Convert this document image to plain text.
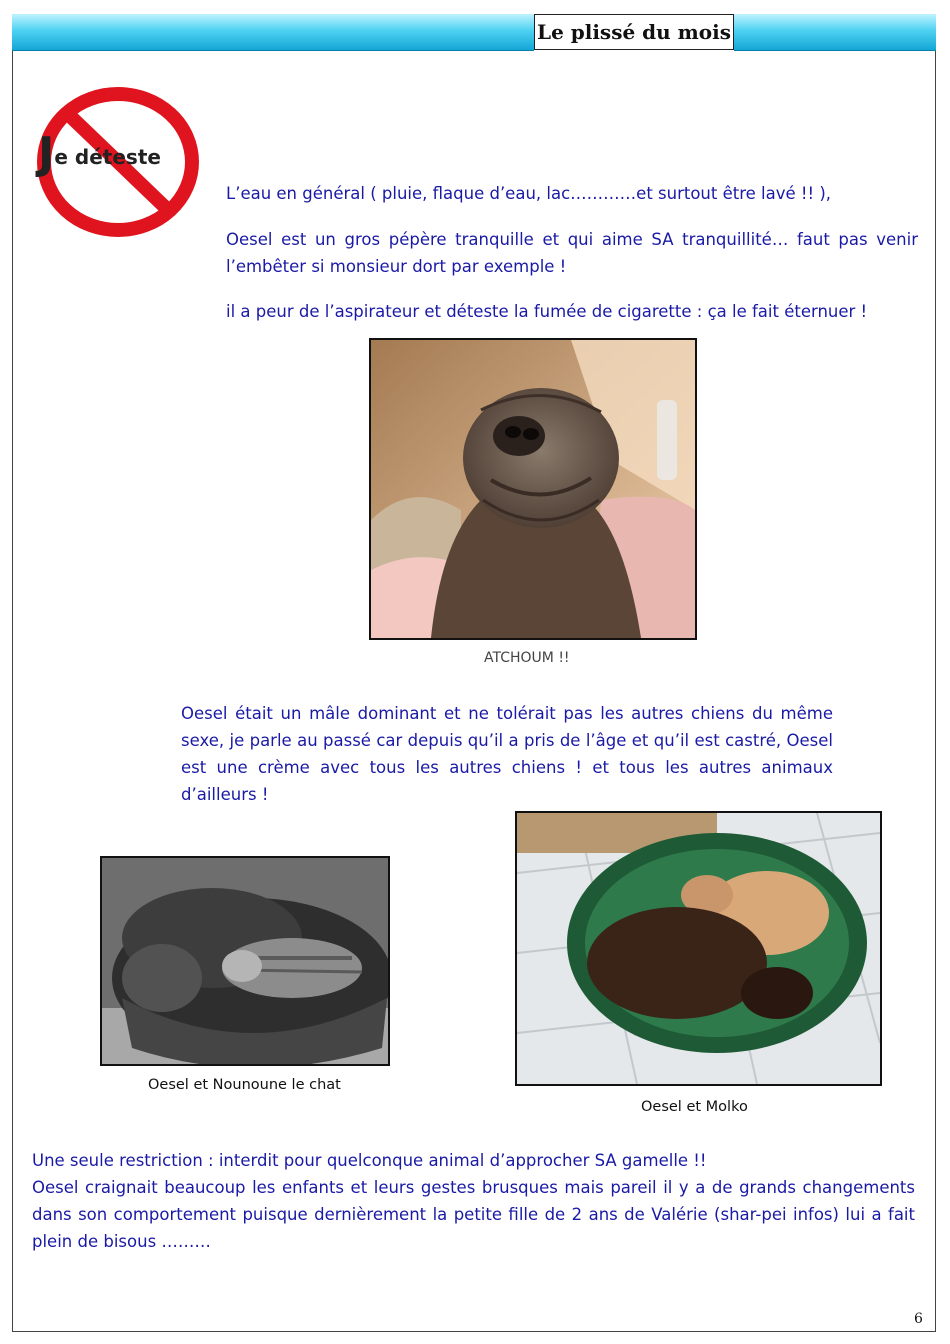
Le plissé du mois
Je déteste
L’eau en général ( pluie, flaque d’eau, lac…………et surtout être lavé !! ),
Oesel est un gros pépère tranquille et qui aime SA tranquillité… faut pas venir l’embêter si monsieur dort par exemple !
il a peur de l’aspirateur et déteste la fumée de cigarette : ça le fait éternuer !
ATCHOUM !!
Oesel était un mâle dominant et ne tolérait pas les autres chiens du même sexe, je parle au passé car depuis qu’il a pris de l’âge et qu’il est castré, Oesel est une crème avec tous les autres chiens ! et tous les autres animaux d’ailleurs !
Oesel et Nounoune le chat
Oesel et Molko
Une seule restriction : interdit pour quelconque animal d’approcher SA gamelle !!
Oesel craignait beaucoup les enfants et leurs gestes brusques mais pareil il y a de grands changements dans son comportement puisque dernièrement la petite fille de 2 ans de Valérie (shar-pei infos) lui a fait plein de bisous ………
6
